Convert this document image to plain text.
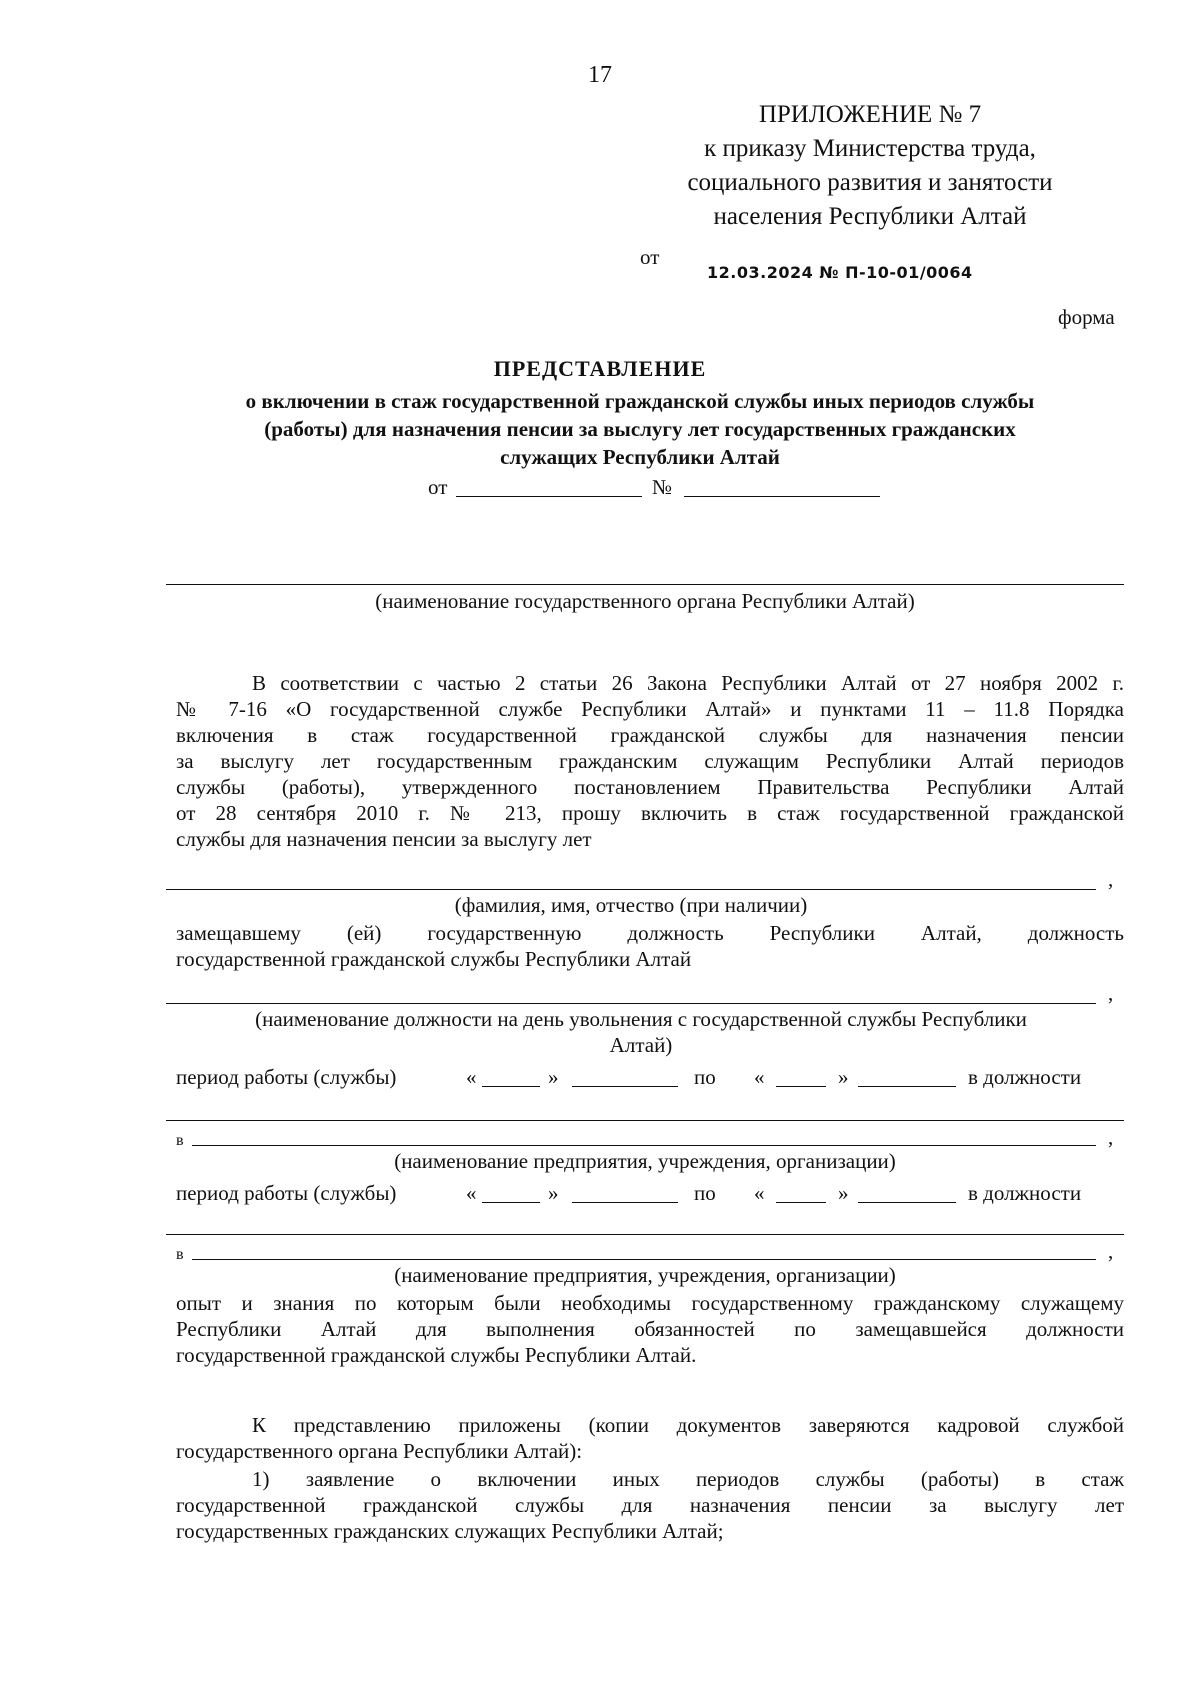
17
ПРИЛОЖЕНИЕ № 7
к приказу Министерства труда,
социального развития и занятости
населения Республики Алтай
от
12.03.2024 № П-10-01/0064
форма
ПРЕДСТАВЛЕНИЕ
о включении в стаж государственной гражданской службы иных периодов службы
(работы) для назначения пенсии за выслугу лет государственных гражданских
служащих Республики Алтай
от	№
(наименование государственного органа Республики Алтай)
В соответствии с частью 2 статьи 26 Закона Республики Алтай от 27 ноября 2002 г.
№ 7-16 «О государственной службе Республики Алтай» и пунктами 11 – 11.8 Порядка
включения в стаж государственной гражданской службы для назначения пенсии
за выслугу лет государственным гражданским служащим Республики Алтай периодов
службы (работы), утвержденного постановлением Правительства Республики Алтай
от 28 сентября 2010 г. № 213, прошу включить в стаж государственной гражданской
службы для назначения пенсии за выслугу лет
,
(фамилия, имя, отчество (при наличии)
замещавшему (ей) государственную должность Республики Алтай, должность
государственной гражданской службы Республики Алтай
,
(наименование должности на день увольнения с государственной службы Республики
Алтай)
период работы (службы)	«	»	по «	»	в должности
в	,
(наименование предприятия, учреждения, организации)
период работы (службы)	«	»	по «	»	в должности
в	,
(наименование предприятия, учреждения, организации)
опыт и знания по которым были необходимы государственному гражданскому служащему
Республики Алтай для выполнения обязанностей по замещавшейся должности
государственной гражданской службы Республики Алтай.
К представлению приложены (копии документов заверяются кадровой службой
государственного органа Республики Алтай):
1) заявление о включении иных периодов службы (работы) в стаж
государственной гражданской службы для назначения пенсии за выслугу лет
государственных гражданских служащих Республики Алтай;
